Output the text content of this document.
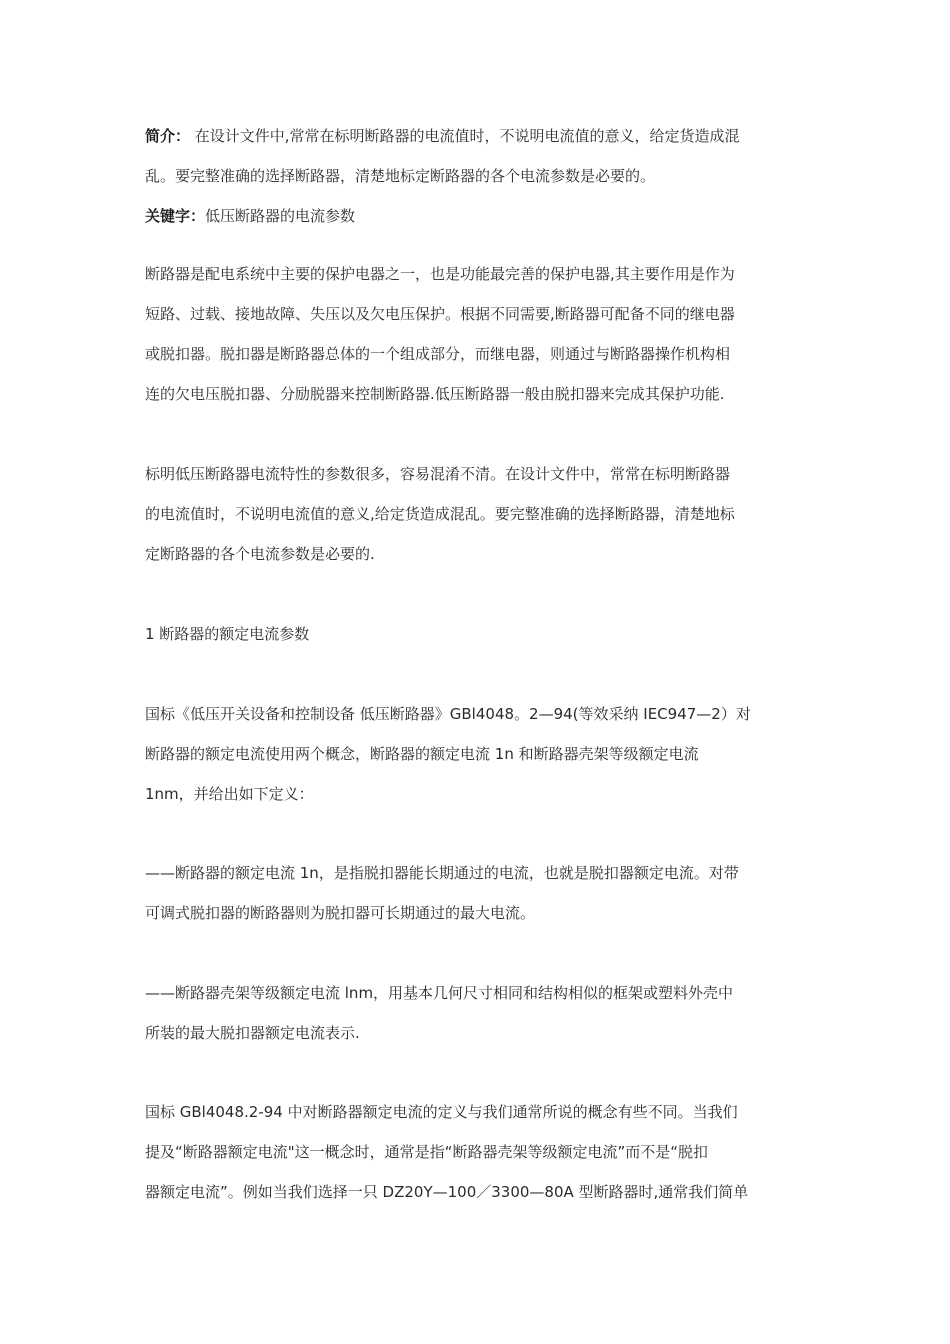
简介： 在设计文件中,常常在标明断路器的电流值时，不说明电流值的意义，给定货造成混
乱。要完整准确的选择断路器，清楚地标定断路器的各个电流参数是必要的。
关键字：低压断路器的电流参数
断路器是配电系统中主要的保护电器之一，也是功能最完善的保护电器,其主要作用是作为
短路、过载、接地故障、失压以及欠电压保护。根据不同需要,断路器可配备不同的继电器
或脱扣器。脱扣器是断路器总体的一个组成部分，而继电器，则通过与断路器操作机构相
连的欠电压脱扣器、分励脱器来控制断路器.低压断路器一般由脱扣器来完成其保护功能.
标明低压断路器电流特性的参数很多，容易混淆不清。在设计文件中，常常在标明断路器
的电流值时，不说明电流值的意义,给定货造成混乱。要完整准确的选择断路器，清楚地标
定断路器的各个电流参数是必要的.
1 断路器的额定电流参数
国标《低压开关设备和控制设备 低压断路器》GBl4048。2—94(等效采纳 IEC947—2）对
断路器的额定电流使用两个概念，断路器的额定电流 1n 和断路器壳架等级额定电流
1nm，并给出如下定义：
——断路器的额定电流 1n，是指脱扣器能长期通过的电流，也就是脱扣器额定电流。对带
可调式脱扣器的断路器则为脱扣器可长期通过的最大电流。
——断路器壳架等级额定电流 lnm，用基本几何尺寸相同和结构相似的框架或塑料外壳中
所装的最大脱扣器额定电流表示.
国标 GBl4048.2-94 中对断路器额定电流的定义与我们通常所说的概念有些不同。当我们
提及“断路器额定电流"这一概念时，通常是指“断路器壳架等级额定电流”而不是“脱扣
器额定电流”。例如当我们选择一只 DZ20Y—100／3300—80A 型断路器时,通常我们简单
